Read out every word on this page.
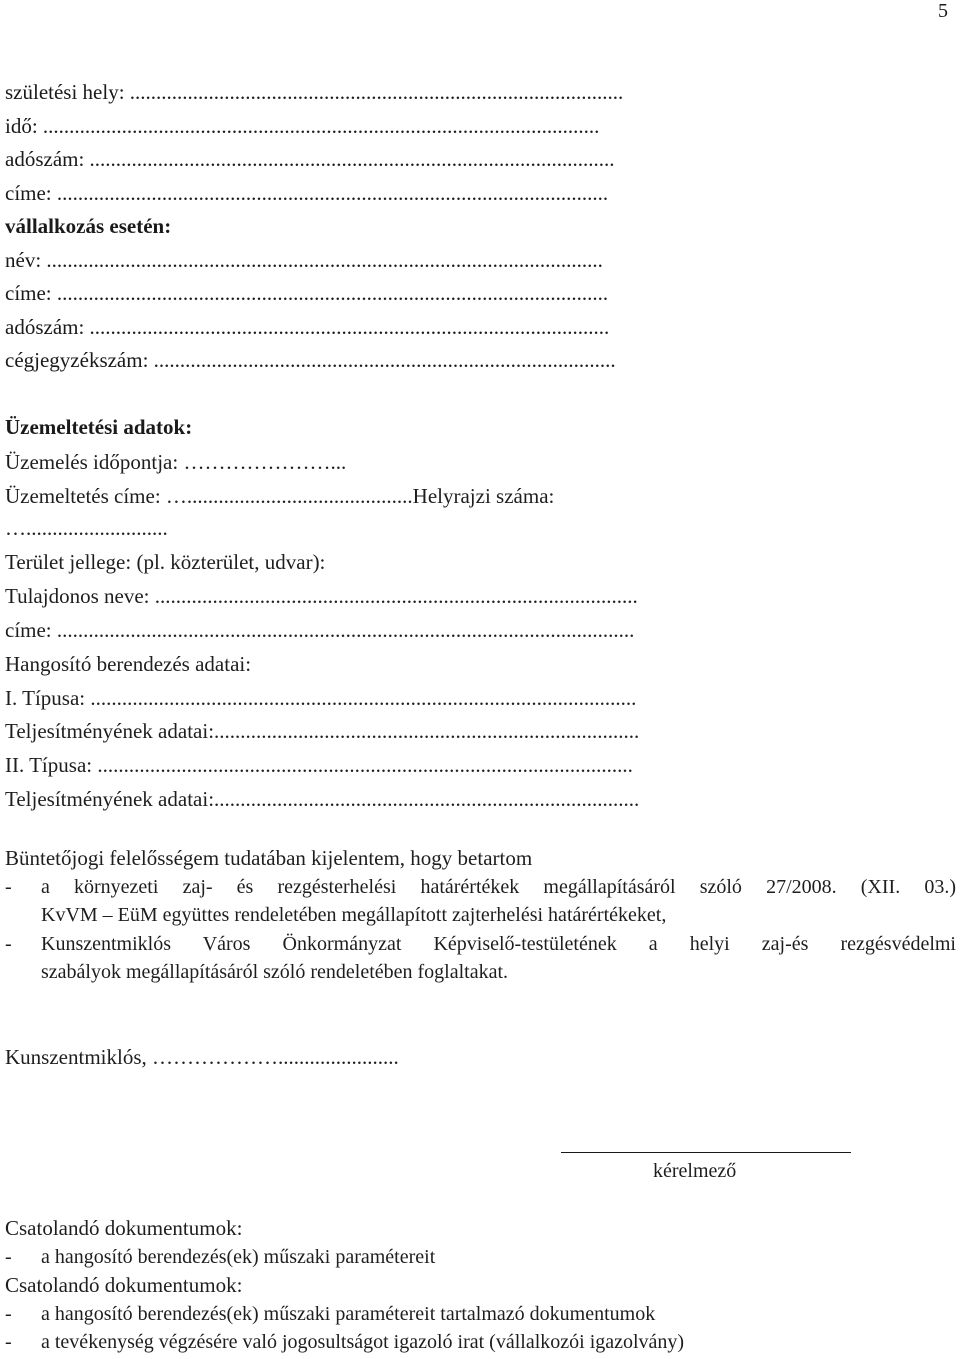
5
születési hely: ..............................................................................................
idő: ..........................................................................................................
adószám: ....................................................................................................
címe: .........................................................................................................
vállalkozás esetén:
név: ..........................................................................................................
címe: .........................................................................................................
adószám: ...................................................................................................
cégjegyzékszám: ........................................................................................
Üzemeltetési adatok:
Üzemelés időpontja: …………………...
Üzemeltetés címe: …...........................................Helyrajzi száma:
…...........................
Terület jellege: (pl. közterület, udvar):
Tulajdonos neve: ............................................................................................
címe: ..............................................................................................................
Hangosító berendezés adatai:
I. Típusa: ........................................................................................................
Teljesítményének adatai:.................................................................................
II. Típusa: ......................................................................................................
Teljesítményének adatai:.................................................................................
Büntetőjogi felelősségem tudatában kijelentem, hogy betartom
- a környezeti zaj- és rezgésterhelési határértékek megállapításáról szóló 27/2008. (XII. 03.)
KvVM – EüM együttes rendeletében megállapított zajterhelési határértékeket,
- Kunszentmiklós Város Önkormányzat Képviselő-testületének a helyi zaj-és rezgésvédelmi
szabályok megállapításáról szóló rendeletében foglaltakat.
Kunszentmiklós, ……………….......................
kérelmező
Csatolandó dokumentumok:
- a hangosító berendezés(ek) műszaki paramétereit
Csatolandó dokumentumok:
- a hangosító berendezés(ek) műszaki paramétereit tartalmazó dokumentumok
- a tevékenység végzésére való jogosultságot igazoló irat (vállalkozói igazolvány)
